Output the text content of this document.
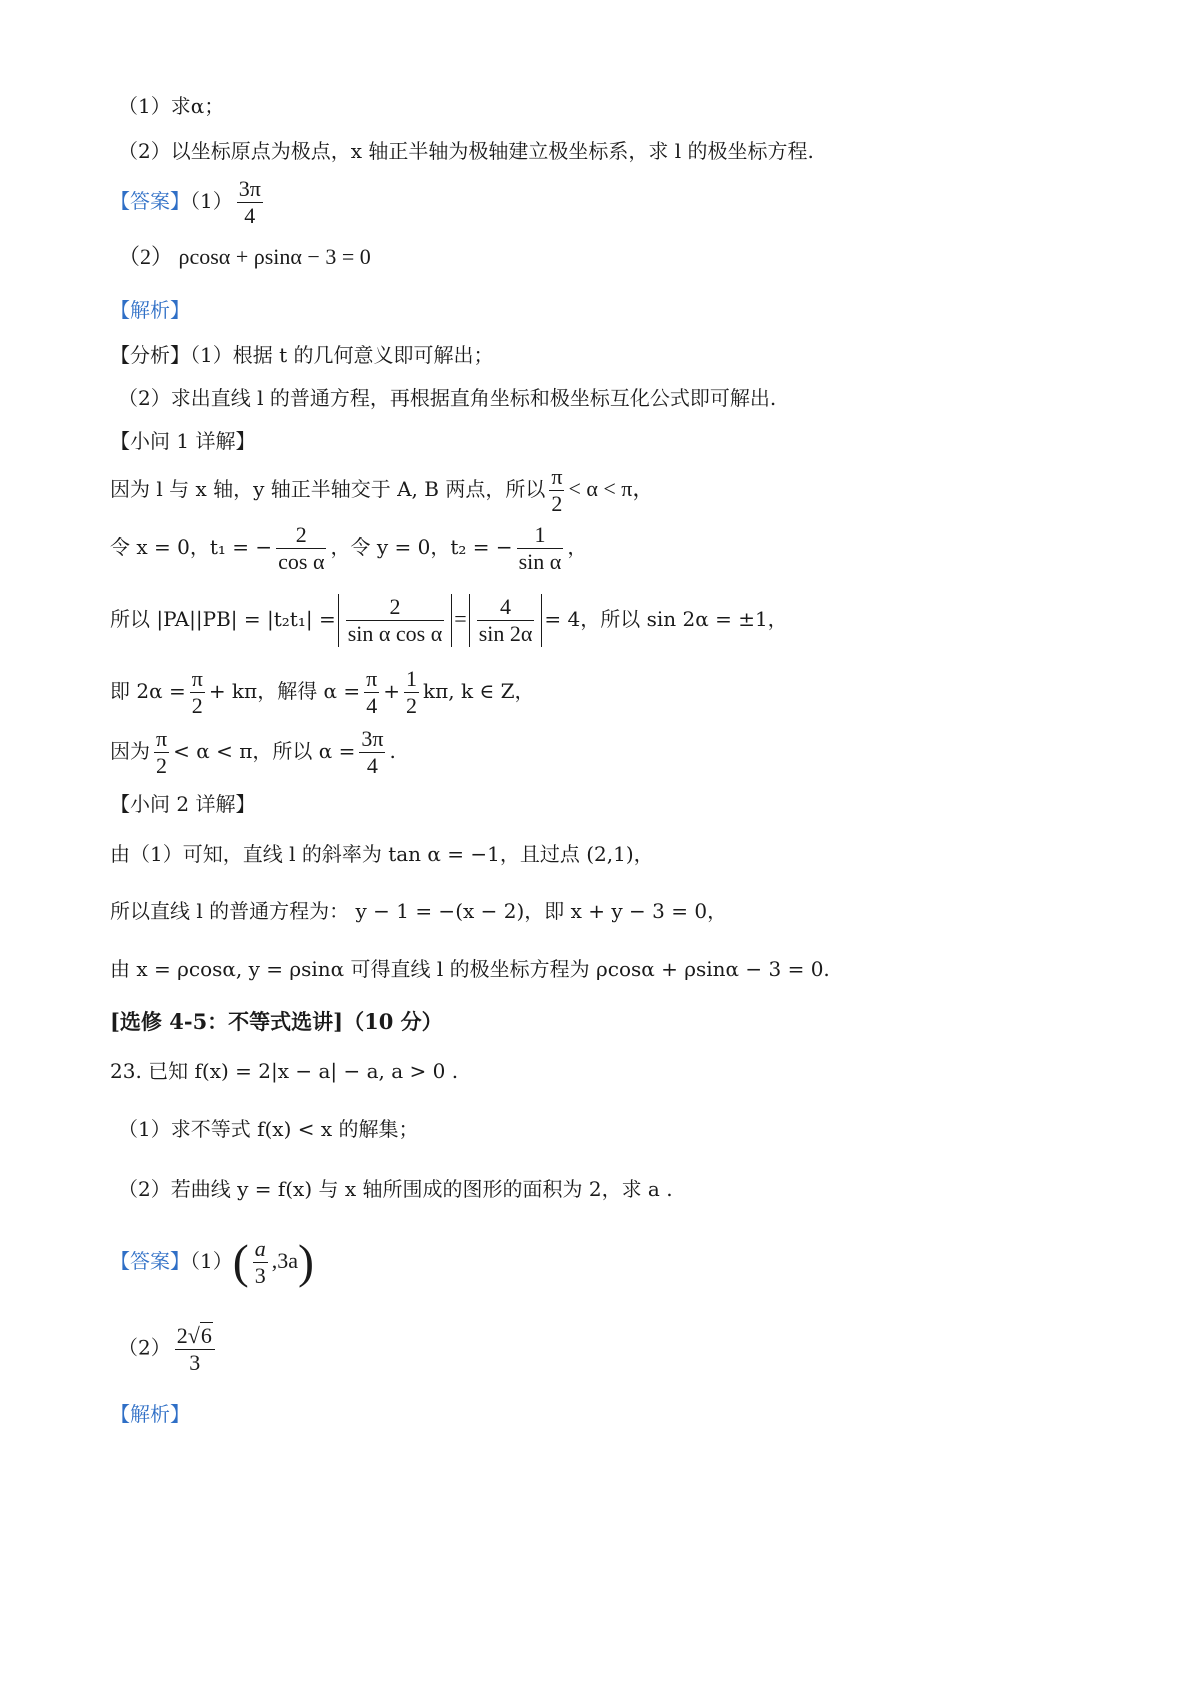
（1）求α；
（2）以坐标原点为极点，x 轴正半轴为极轴建立极坐标系，求 l 的极坐标方程.
【答案】$(1) \frac{3\pi}{4}$
（2） ρcosα + ρsinα − 3 = 0
【解析】
【分析】（1）根据 t 的几何意义即可解出；
（2）求出直线 l 的普通方程，再根据直角坐标和极坐标互化公式即可解出.
【小问 1 详解】
因为 l 与 x 轴，y 轴正半轴交于 A, B 两点，所以 $\frac{\pi}{2} < \alpha < \pi$，
令 x = 0，t₁ = − $\frac{2}{\text{cos α}}$ ，令 y = 0，t₂ = − $\frac{1}{\text{sin α}}$ ，
所以 $|PA||PB| = |t_2t_1| = \frac{2}{\text{sin α cos α}} = \frac{4}{\sin 2\alpha} = 4$，所以 sin 2α = ±1，
即 $2\alpha = \frac{\pi}{2} + k\pi$，解得 $\alpha = \frac{\pi}{4} + \frac{1}{2} k\pi$, k ∈ Z，
因为 $\frac{\pi}{2} < \alpha < \pi$，所以 $\alpha = \frac{3\pi}{4}$ .
【小问 2 详解】
由（1）可知，直线 l 的斜率为 tan α = −1，且过点 (2,1)，
所以直线 l 的普通方程为： y − 1 = −(x − 2)，即 x + y − 3 = 0，
由 x = ρcosα, y = ρsinα 可得直线 l 的极坐标方程为 ρcosα + ρsinα − 3 = 0.
[选修 4-5：不等式选讲]（10 分）
23. 已知 f(x) = 2|x − a| − a, a > 0 .
（1）求不等式 f(x) < x 的解集；
（2）若曲线 y = f(x) 与 x 轴所围成的图形的面积为 2，求 a .
【答案】$(1)( \frac{a}{3} ,3a)$
$(2) \frac{2√6}{3}$
【解析】
